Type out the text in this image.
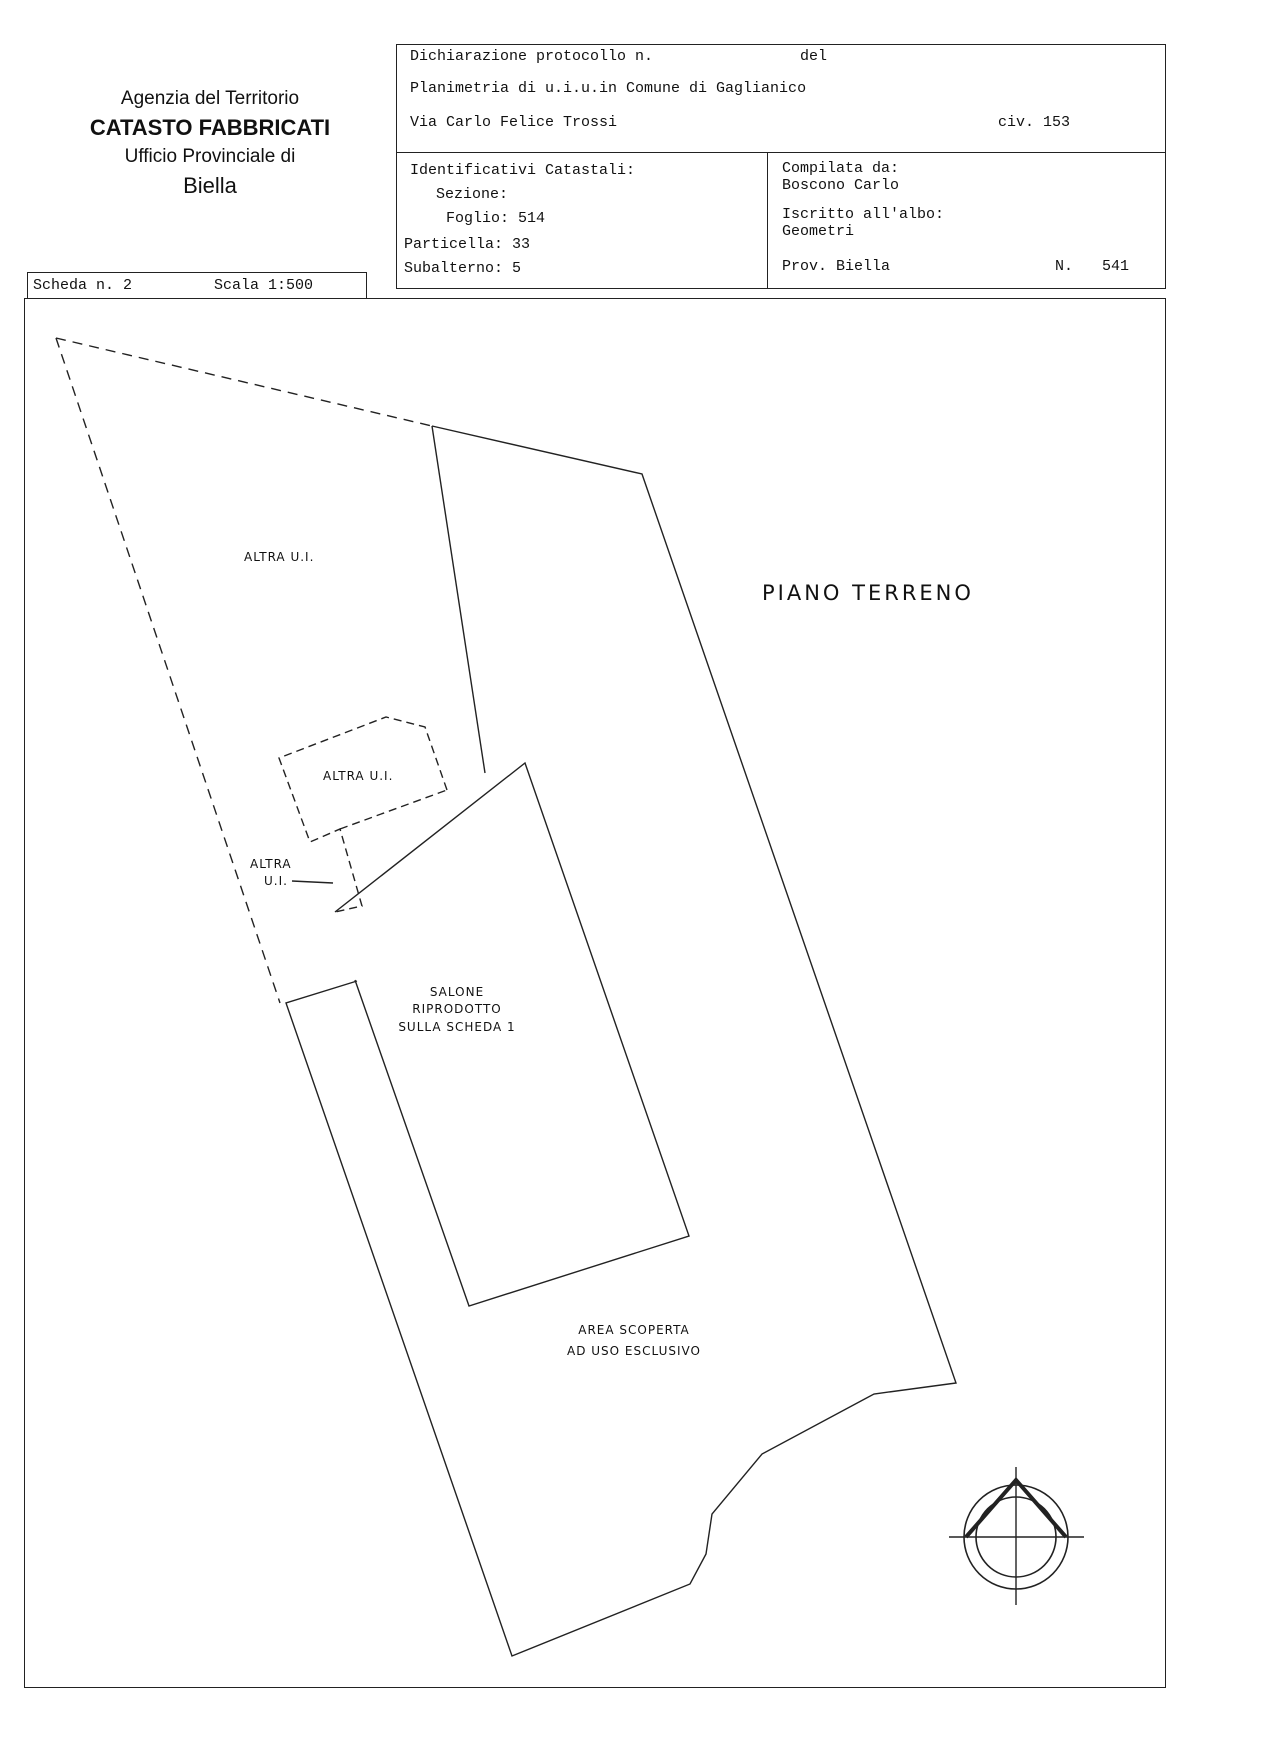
Agenzia del Territorio
CATASTO FABBRICATI
Ufficio Provinciale di
Biella
Dichiarazione protocollo n.	del
Planimetria di u.i.u.in Comune di Gaglianico
Via Carlo Felice Trossi	civ. 153
Identificativi Catastali:
Sezione:
Foglio: 514
Particella: 33
Subalterno: 5
Compilata da:
Boscono Carlo
Iscritto all'albo:
Geometri
Prov. Biella	N. 541
Scheda n. 2	Scala 1:500
ALTRA U.I.
ALTRA U.I.
ALTRA
U.I.
SALONE
RIPRODOTTO
SULLA SCHEDA 1
AREA SCOPERTA
AD USO ESCLUSIVO
PIANO TERRENO
